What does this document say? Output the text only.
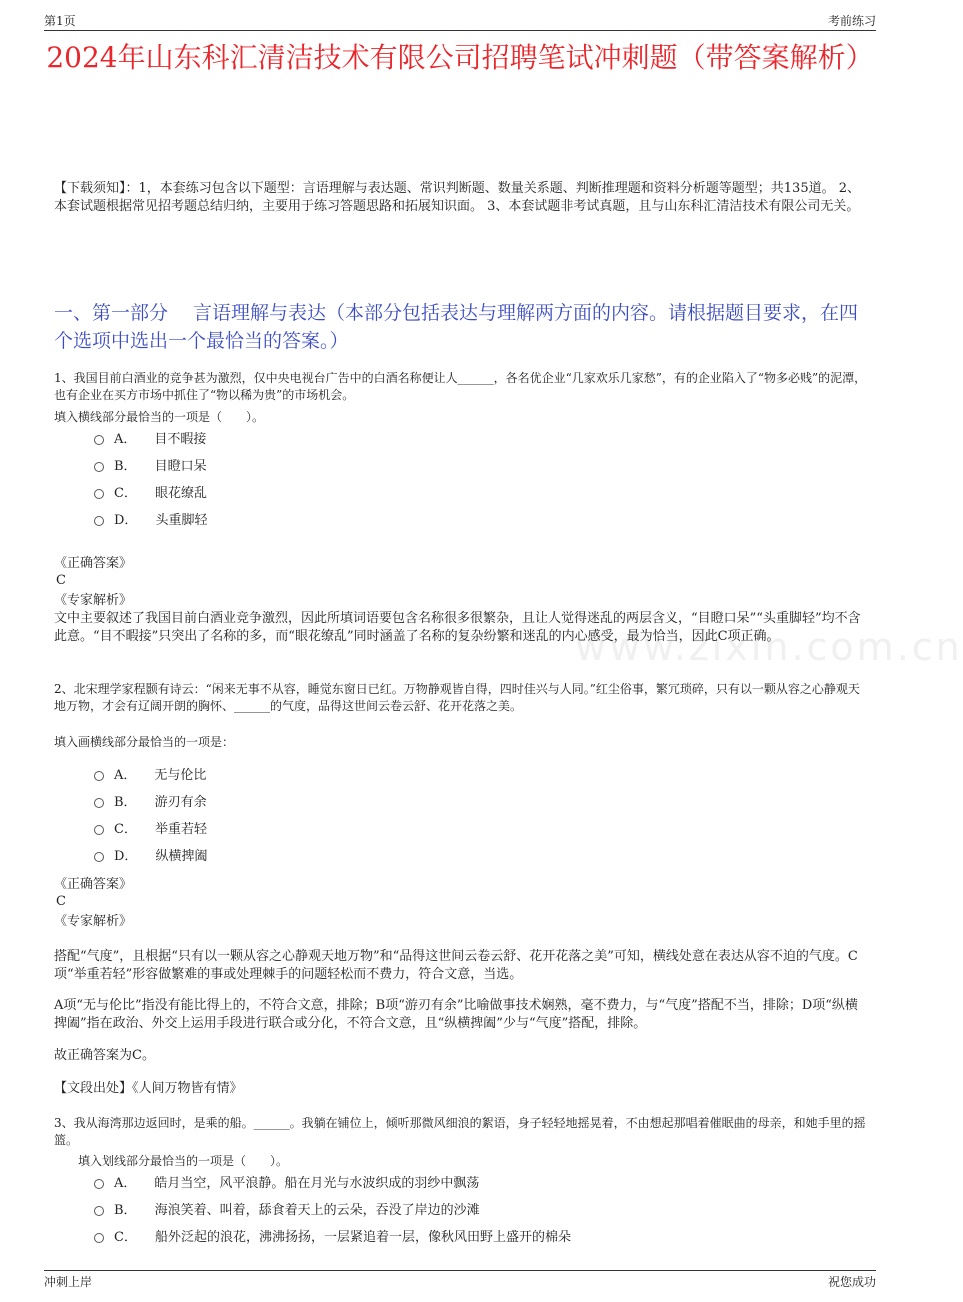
第1页	考前练习
www.zixin.com.cn
2024年山东科汇清洁技术有限公司招聘笔试冲刺题（带答案解析）
【下载须知】：1，本套练习包含以下题型：言语理解与表达题、常识判断题、数量关系题、判断推理题和资料分析题等题型；共135道。 2、本套试题根据常见招考题总结归纳，主要用于练习答题思路和拓展知识面。 3、本套试题非考试真题，且与山东科汇清洁技术有限公司无关。
一、第一部分　 言语理解与表达（本部分包括表达与理解两方面的内容。请根据题目要求，在四个选项中选出一个最恰当的答案。）
1、我国目前白酒业的竞争甚为激烈，仅中央电视台广告中的白酒名称便让人______，各名优企业“几家欢乐几家愁”，有的企业陷入了“物多必贱”的泥潭，也有企业在买方市场中抓住了“物以稀为贵”的市场机会。
填入横线部分最恰当的一项是（　　）。
A． 目不暇接
B． 目瞪口呆
C． 眼花缭乱
D． 头重脚轻
《正确答案》
C
《专家解析》
文中主要叙述了我国目前白酒业竞争激烈，因此所填词语要包含名称很多很繁杂，且让人觉得迷乱的两层含义，“目瞪口呆”“头重脚轻”均不含此意。“目不暇接”只突出了名称的多，而“眼花缭乱”同时涵盖了名称的复杂纷繁和迷乱的内心感受，最为恰当，因此C项正确。
2、北宋理学家程颢有诗云：“闲来无事不从容，睡觉东窗日已红。万物静观皆自得，四时佳兴与人同。”红尘俗事，繁冗琐碎，只有以一颗从容之心静观天地万物，才会有辽阔开朗的胸怀、______的气度，品得这世间云卷云舒、花开花落之美。
填入画横线部分最恰当的一项是：
A． 无与伦比
B． 游刃有余
C． 举重若轻
D． 纵横捭阖
《正确答案》
C
《专家解析》
搭配“气度”，且根据“只有以一颗从容之心静观天地万物”和“品得这世间云卷云舒、花开花落之美”可知，横线处意在表达从容不迫的气度。C项“举重若轻”形容做繁难的事或处理棘手的问题轻松而不费力，符合文意，当选。
A项“无与伦比”指没有能比得上的，不符合文意，排除；B项“游刃有余”比喻做事技术娴熟，毫不费力，与“气度”搭配不当，排除；D项“纵横捭阖”指在政治、外交上运用手段进行联合或分化，不符合文意，且“纵横捭阖”少与“气度”搭配，排除。
故正确答案为C。
【文段出处】《人间万物皆有情》
3、我从海湾那边返回时，是乘的船。______。我躺在铺位上，倾听那微风细浪的絮语，身子轻轻地摇晃着，不由想起那唱着催眠曲的母亲，和她手里的摇篮。
填入划线部分最恰当的一项是（　　）。
A． 皓月当空，风平浪静。船在月光与水波织成的羽纱中飘荡
B． 海浪笑着、叫着，舔食着天上的云朵，吞没了岸边的沙滩
C． 船外泛起的浪花，沸沸扬扬，一层紧追着一层，像秋风田野上盛开的棉朵
冲刺上岸	祝您成功
